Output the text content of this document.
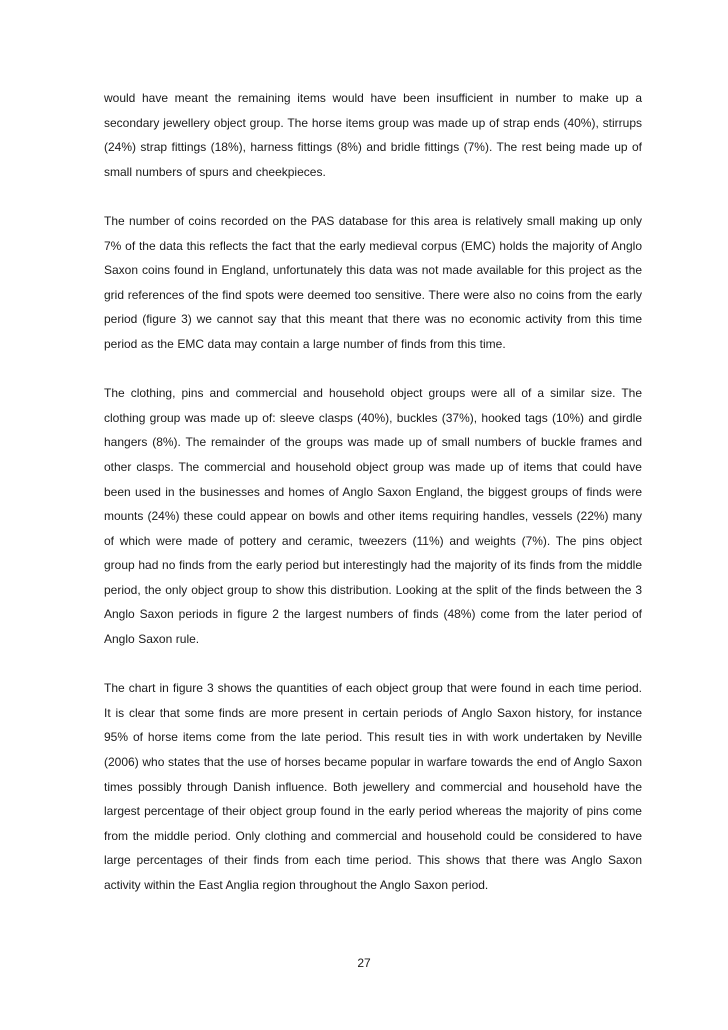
would have meant the remaining items would have been insufficient in number to make up a secondary jewellery object group. The horse items group was made up of strap ends (40%), stirrups (24%) strap fittings (18%), harness fittings (8%) and bridle fittings (7%). The rest being made up of small numbers of spurs and cheekpieces.

The number of coins recorded on the PAS database for this area is relatively small making up only 7% of the data this reflects the fact that the early medieval corpus (EMC) holds the majority of Anglo Saxon coins found in England, unfortunately this data was not made available for this project as the grid references of the find spots were deemed too sensitive. There were also no coins from the early period (figure 3) we cannot say that this meant that there was no economic activity from this time period as the EMC data may contain a large number of finds from this time.

The clothing, pins and commercial and household object groups were all of a similar size. The clothing group was made up of: sleeve clasps (40%), buckles (37%), hooked tags (10%) and girdle hangers (8%). The remainder of the groups was made up of small numbers of buckle frames and other clasps. The commercial and household object group was made up of items that could have been used in the businesses and homes of Anglo Saxon England, the biggest groups of finds were mounts (24%) these could appear on bowls and other items requiring handles, vessels (22%) many of which were made of pottery and ceramic, tweezers (11%) and weights (7%). The pins object group had no finds from the early period but interestingly had the majority of its finds from the middle period, the only object group to show this distribution. Looking at the split of the finds between the 3 Anglo Saxon periods in figure 2 the largest numbers of finds (48%) come from the later period of Anglo Saxon rule.

The chart in figure 3 shows the quantities of each object group that were found in each time period. It is clear that some finds are more present in certain periods of Anglo Saxon history, for instance 95% of horse items come from the late period. This result ties in with work undertaken by Neville (2006) who states that the use of horses became popular in warfare towards the end of Anglo Saxon times possibly through Danish influence. Both jewellery and commercial and household have the largest percentage of their object group found in the early period whereas the majority of pins come from the middle period. Only clothing and commercial and household could be considered to have large percentages of their finds from each time period. This shows that there was Anglo Saxon activity within the East Anglia region throughout the Anglo Saxon period.

27
